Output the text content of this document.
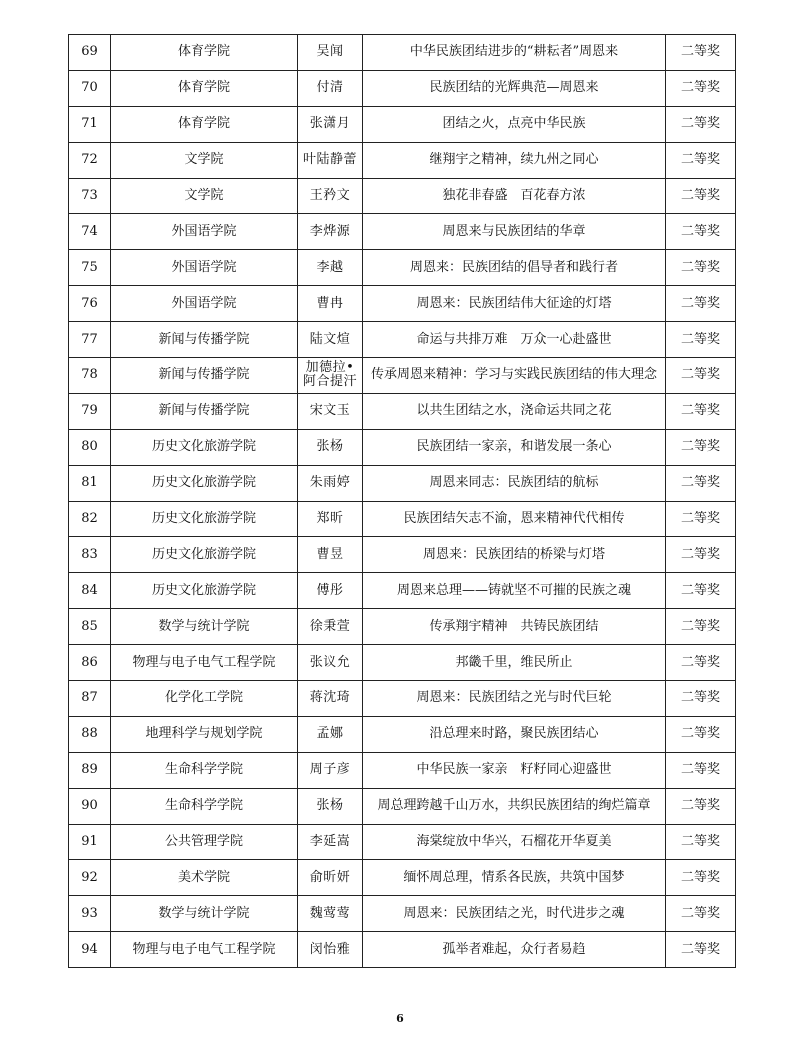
69	体育学院	吴闻	中华民族团结进步的“耕耘者”周恩来	二等奖
70	体育学院	付清	民族团结的光辉典范—周恩来	二等奖
71	体育学院	张潇月	团结之火，点亮中华民族	二等奖
72	文学院	叶陆静蕾	继翔宇之精神，续九州之同心	二等奖
73	文学院	王矜文	独花非春盛　百花春方浓	二等奖
74	外国语学院	李烨源	周恩来与民族团结的华章	二等奖
75	外国语学院	李越	周恩来：民族团结的倡导者和践行者	二等奖
76	外国语学院	曹冉	周恩来：民族团结伟大征途的灯塔	二等奖
77	新闻与传播学院	陆文煊	命运与共排万难　万众一心赴盛世	二等奖
78	新闻与传播学院	加德拉•阿合提汗	传承周恩来精神：学习与实践民族团结的伟大理念	二等奖
79	新闻与传播学院	宋文玉	以共生团结之水，浇命运共同之花	二等奖
80	历史文化旅游学院	张杨	民族团结一家亲，和谐发展一条心	二等奖
81	历史文化旅游学院	朱雨婷	周恩来同志：民族团结的航标	二等奖
82	历史文化旅游学院	郑昕	民族团结矢志不渝，恩来精神代代相传	二等奖
83	历史文化旅游学院	曹昱	周恩来：民族团结的桥梁与灯塔	二等奖
84	历史文化旅游学院	傅彤	周恩来总理——铸就坚不可摧的民族之魂	二等奖
85	数学与统计学院	徐秉萱	传承翔宇精神　共铸民族团结	二等奖
86	物理与电子电气工程学院	张议允	邦畿千里，维民所止	二等奖
87	化学化工学院	蒋沈琦	周恩来：民族团结之光与时代巨轮	二等奖
88	地理科学与规划学院	孟娜	沿总理来时路，聚民族团结心	二等奖
89	生命科学学院	周子彦	中华民族一家亲　籽籽同心迎盛世	二等奖
90	生命科学学院	张杨	周总理跨越千山万水，共织民族团结的绚烂篇章	二等奖
91	公共管理学院	李延嵩	海棠绽放中华兴，石榴花开华夏美	二等奖
92	美术学院	俞昕妍	缅怀周总理，情系各民族，共筑中国梦	二等奖
93	数学与统计学院	魏莺莺	周恩来：民族团结之光，时代进步之魂	二等奖
94	物理与电子电气工程学院	闵怡雅	孤举者难起，众行者易趋	二等奖
6
